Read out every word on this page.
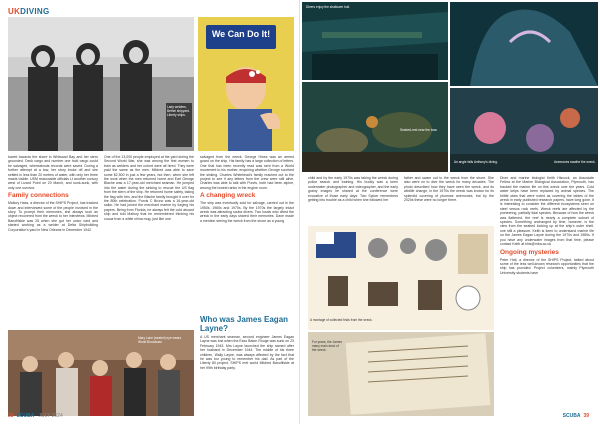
UKDIVING
Lady welders, Bethel shipyard. Liberty ships.
We Can Do It!

towed towards the shore in Whitsand Bay and her stern grounded. Deck cargo and number one hold cargo could be salvaged, whereabouts records were saved. During a further attempt at a tow, her story broke off and she settled in less than 20 metres of water, with only her three masts visible. USM reasonable officials Lt another convoy west of Lizard Point on 20 March, and sunk-sunk, with only one survivor.

Family connections

Mallory Hass, a director of the SHIPS Project, has tracked down and interviewed some of the people involved in the story. To prompt their memories, she always took an object recovered from the wreck to her interviews. Mildred Banofilskie was 25 when she got her unico card and started working as a welder at Delta Shipbuilding Corporation's yard in New Orleans in December 1942.

One of the 13,000 people employed at the yard during the Second World War, she was among the first women to train as welders and her cohort were all hired. They were paid the same as the men. Mildred was able to save some $2,500 in just a few years, but then, when she left the work when the men returned home and Earl George Blache was a 17-year-old merchant seaman. He jumped into the water during the sinking to rescue the US flag from the stern of the ship. He returned home safely, taking the flag with him, and the Blache family brought it over for the 80th celebration. Purvis C Bruno was a 16-year-old sailor. He had joined the merchant marine by forging his papers. Being from Florida, he always felt the cold aboard ship and told Mallory that he remembered thinking his cocoa from a white china mug, just like one

salvaged from the wreck. George Hines was an armed guard on the ship. His family has a large collection of letters. One that has been recently read was sent from a World movement to his mother, enquiring whether George survived the sinking. Charles Whitehead's family reached out to the project to see if any letters from the crew were still alive. Charles was able to talk with Purvis, both had been alpine, among the lowest ranks in the engine room.

A changing wreck

The ship was eventually sold for salvage, carried out in the 1950s, 1960s and 1970s. By the 1970s the largely intact wreck was attracting scuba divers. Two locals who dived the wreck in the early days shared their memories. Dave made a mention seeing the wreck from the shore as a young

Mary Lane (seated) eye wears World Broadcast.
Who was James Eagan Layne?

A US merchant seaman, second engineer James Eagan Layne was lost when the Esso Baton Rouge was sunk on 23 February 1943. Mrs Layne launched the ship named after her husband in December 1944. The middle of his three children, Wally Layne, was always affected by the fact that he was too young to remember his dad. As part of the Liberty 80 project, SHIPS met world Mildred Banofilskie at her 99th birthday party.

38 SCUBA JULY 2024
Divers enjoy the shallower hull.
Seabed-rest near the bow.
An angle falls Anthony's diving.	Anemones swathe the wreck.

child and by the early 1970s was taking the wreck during police search and training. His buddy was a keen underwater photographer and videographer, and the early grainy images he shared at the conference were evocative of those early days. Two Spicer remembers getting into trouble as a child when she followed her

father and swam out to the wreck from the shore. She also went on to dive the wreck for many decades. The photo described how they have seen the wreck, and its wildlife change, in the 1970s the wreck was known for its splendid covering of plumose anemones, but by the 2020s these were no longer there.

A montage of collected finds from the wreck.
For years, the James many main deck of the wreck.

Diver and marine biologist Keith Hiscock, an Associate Fellow at the Marine Biological Association, Plymouth, has tracked the marine life on this wreck over the years. Cold water kelps have been replaced by animal species. The brittle stars that were noted as covering the tables of the wreck in early published research papers, have long gone. It is interesting to consider the different ecosystems seen on steel versus rock reefs. Wreck reefs are affected by the pioneering, partially tidal species. Because of how the wreck was flattened, the reef is nearly a complete subset of species. Something unchanged by time, however, is the view from the seabed looking up at the ship's outer shell, one still a pleasure. Keith is keen to understand marine life on the James Eagan Layne during the 1970s and 1980s. If you have any underwater images from that time, please contact Keith at khis@mba.ac.uk

Ongoing mysteries

Peter Holt, a director of the SHIPS Project, talked about some of the less well-known research opportunities that the ship has provided. Project volunteers, mainly Plymouth University students have

SCUBA 39
